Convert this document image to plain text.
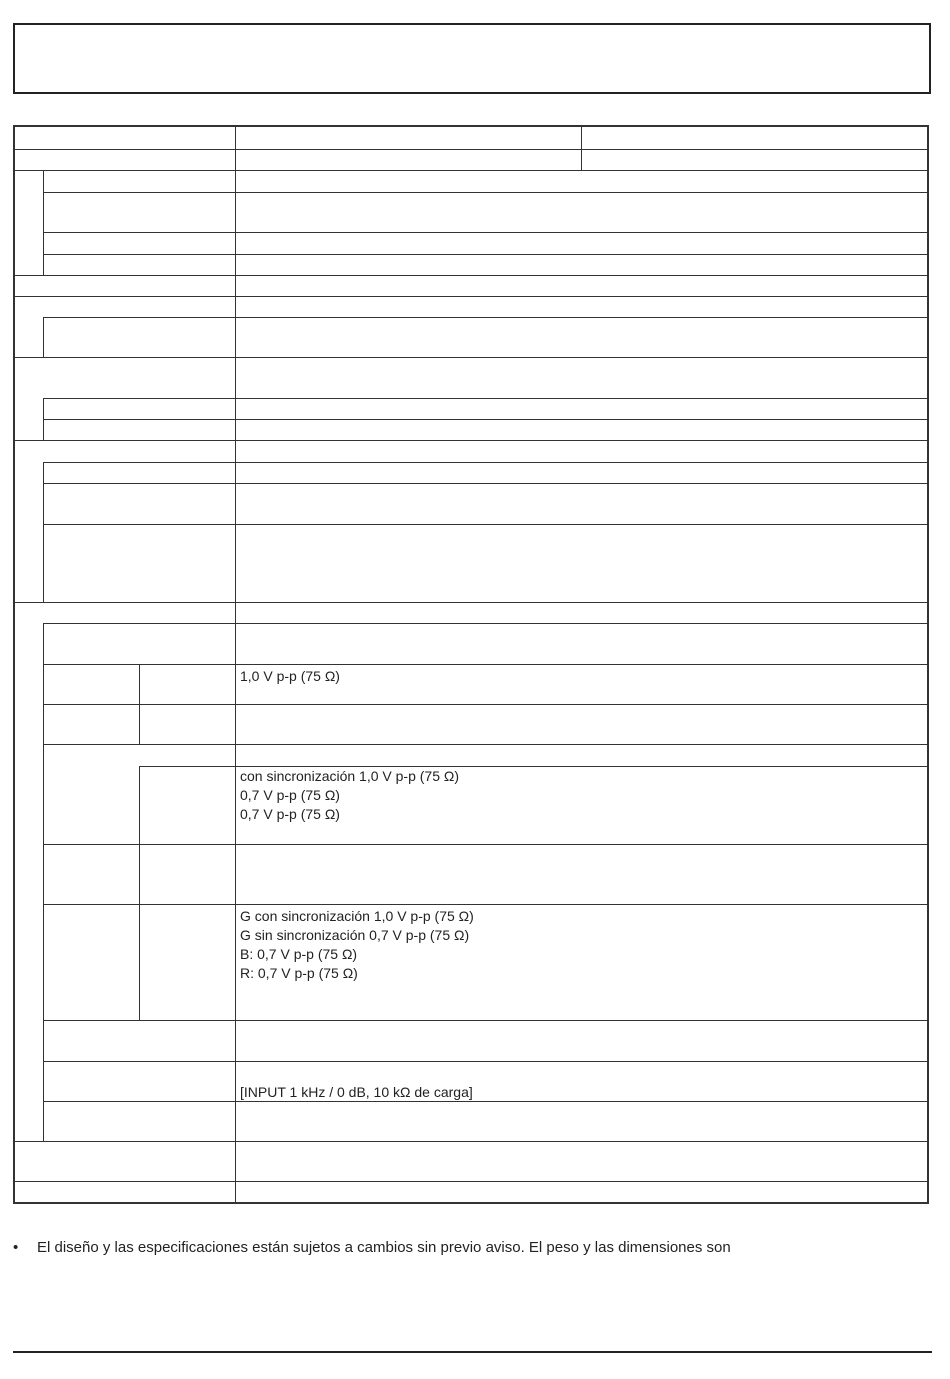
1,0 V p-p (75 Ω)
con sincronización 1,0 V p-p (75 Ω)
0,7 V p-p (75 Ω)
0,7 V p-p (75 Ω)
G con sincronización 1,0 V p-p (75 Ω)
G sin sincronización 0,7 V p-p (75 Ω)
B: 0,7 V p-p (75 Ω)
R: 0,7 V p-p (75 Ω)
[INPUT 1 kHz / 0 dB, 10 kΩ de carga]
• El diseño y las especificaciones están sujetos a cambios sin previo aviso. El peso y las dimensiones son
